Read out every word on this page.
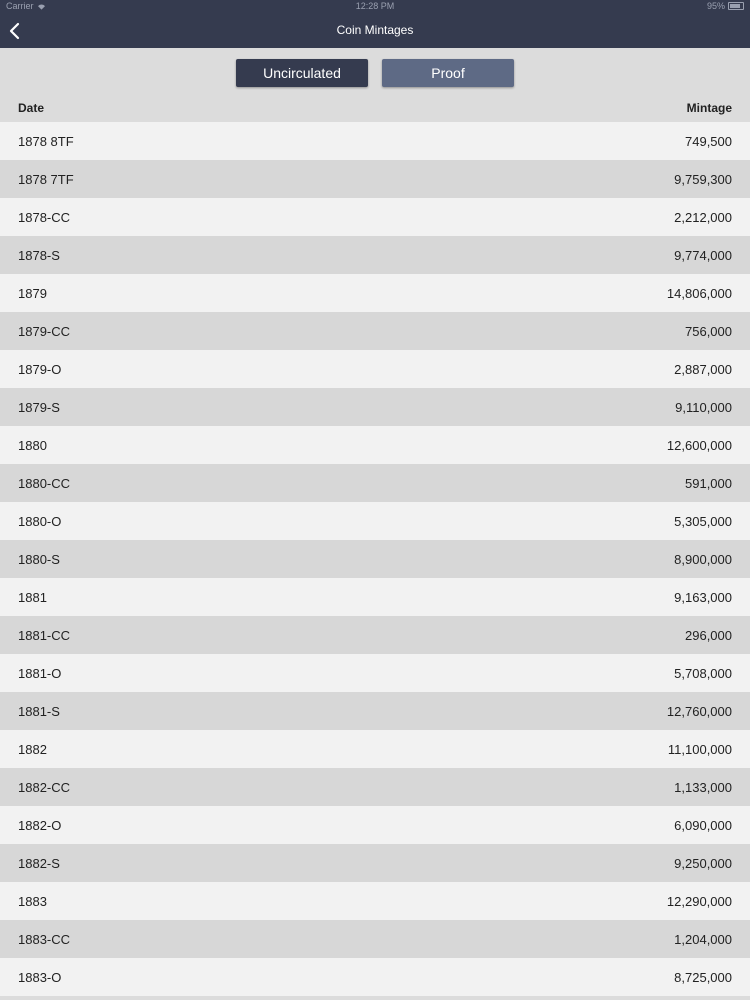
Carrier	12:28 PM	95%
Coin Mintages
Uncirculated	Proof
Date	Mintage
1878 8TF	749,500
1878 7TF	9,759,300
1878-CC	2,212,000
1878-S	9,774,000
1879	14,806,000
1879-CC	756,000
1879-O	2,887,000
1879-S	9,110,000
1880	12,600,000
1880-CC	591,000
1880-O	5,305,000
1880-S	8,900,000
1881	9,163,000
1881-CC	296,000
1881-O	5,708,000
1881-S	12,760,000
1882	11,100,000
1882-CC	1,133,000
1882-O	6,090,000
1882-S	9,250,000
1883	12,290,000
1883-CC	1,204,000
1883-O	8,725,000
